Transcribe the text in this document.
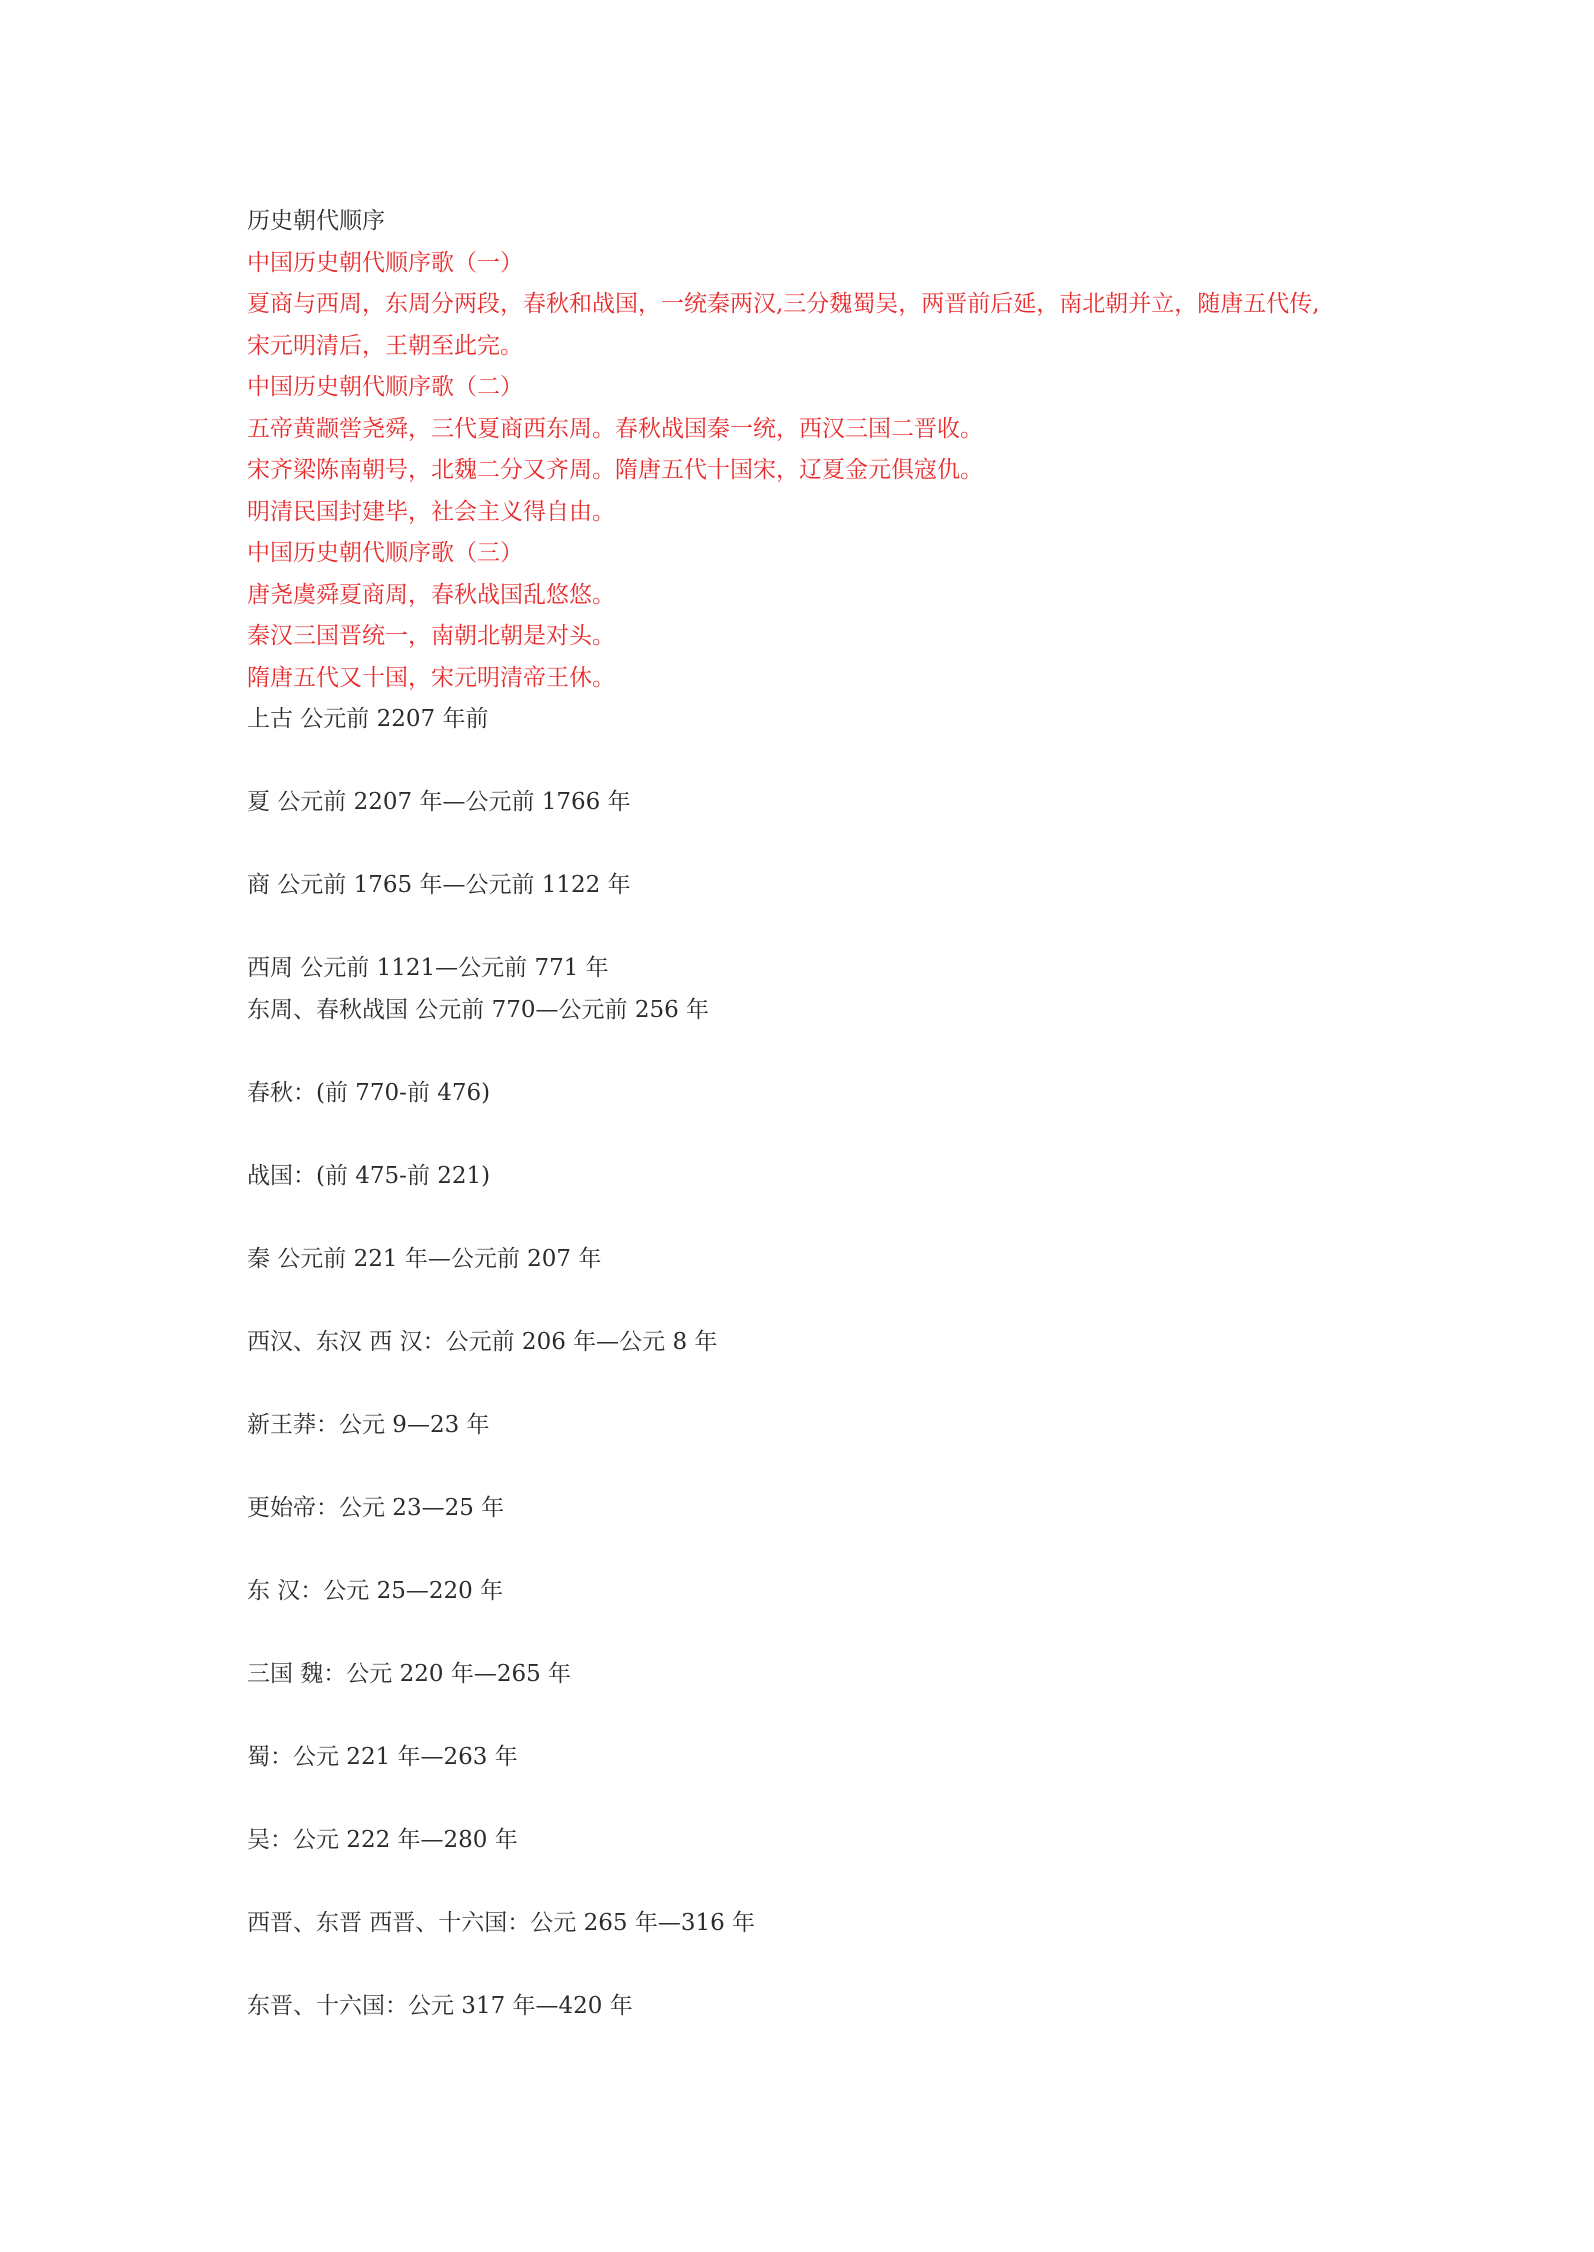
历史朝代顺序
中国历史朝代顺序歌（一）
夏商与西周，东周分两段，春秋和战国，一统秦两汉,三分魏蜀吴，两晋前后延，南北朝并立，随唐五代传,
宋元明清后，王朝至此完。
中国历史朝代顺序歌（二）
五帝黄颛喾尧舜，三代夏商西东周。春秋战国秦一统，西汉三国二晋收。
宋齐梁陈南朝号，北魏二分又齐周。隋唐五代十国宋，辽夏金元俱寇仇。
明清民国封建毕，社会主义得自由。
中国历史朝代顺序歌（三）
唐尧虞舜夏商周，春秋战国乱悠悠。
秦汉三国晋统一，南朝北朝是对头。
隋唐五代又十国，宋元明清帝王休。
上古 公元前 2207 年前
夏 公元前 2207 年—公元前 1766 年
商 公元前 1765 年—公元前 1122 年
西周 公元前 1121—公元前 771 年
东周、春秋战国 公元前 770—公元前 256 年
春秋：(前 770-前 476)
战国：(前 475-前 221)
秦 公元前 221 年—公元前 207 年
西汉、东汉 西 汉：公元前 206 年—公元 8 年
新王莽：公元 9—23 年
更始帝：公元 23—25 年
东 汉：公元 25—220 年
三国 魏：公元 220 年—265 年
蜀：公元 221 年—263 年
吴：公元 222 年—280 年
西晋、东晋 西晋、十六国：公元 265 年—316 年
东晋、十六国：公元 317 年—420 年
